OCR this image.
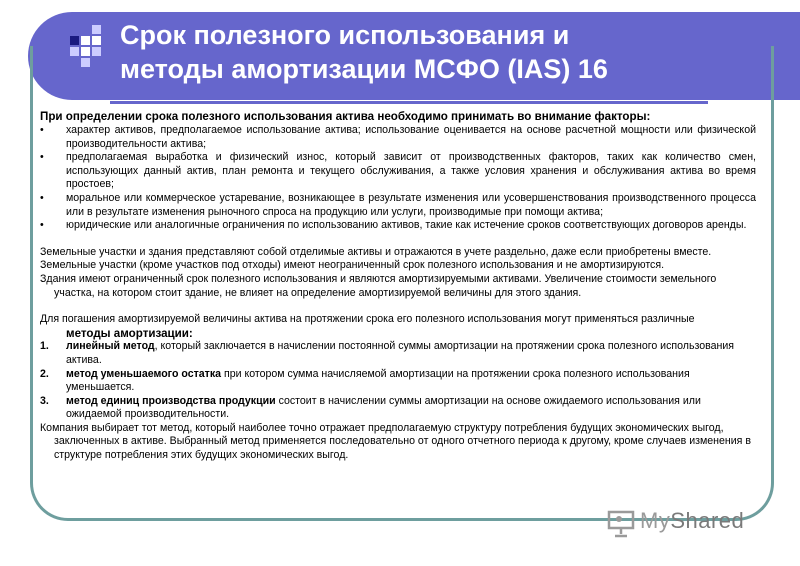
Срок полезного использования и
методы амортизации МСФО (IAS) 16
При определении срока полезного использования актива необходимо принимать во внимание факторы:
• характер активов, предполагаемое использование актива; использование оценивается на основе расчетной мощности или физической производительности актива;
• предполагаемая выработка и физический износ, который зависит от производственных факторов, таких как количество смен, использующих данный актив, план ремонта и текущего обслуживания, а также условия хранения и обслуживания актива во время простоев;
• моральное или коммерческое устаревание, возникающее в результате изменения или усовершенствования производственного процесса или в результате изменения рыночного спроса на продукцию или услуги, производимые при помощи актива;
• юридические или аналогичные ограничения по использованию активов, такие как истечение сроков соответствующих договоров аренды.
Земельные участки и здания представляют собой отделимые активы и отражаются в учете раздельно, даже если приобретены вместе.
Земельные участки (кроме участков под отходы) имеют неограниченный срок полезного использования и не амортизируются.
Здания имеют ограниченный срок полезного использования и являются амортизируемыми активами. Увеличение стоимости земельного участка, на котором стоит здание, не влияет на определение амортизируемой величины для этого здания.
Для погашения амортизируемой величины актива на протяжении срока его полезного использования могут применяться различные
методы амортизации:
1. линейный метод, который заключается в начислении постоянной суммы амортизации на протяжении срока полезного использования актива.
2. метод уменьшаемого остатка при котором сумма начисляемой амортизации на протяжении срока полезного использования уменьшается.
3. метод единиц производства продукции состоит в начислении суммы амортизации на основе ожидаемого использования или ожидаемой производительности.
Компания выбирает тот метод, который наиболее точно отражает предполагаемую структуру потребления будущих экономических выгод, заключенных в активе. Выбранный метод применяется последовательно от одного отчетного периода к другому, кроме случаев изменения в структуре потребления этих будущих экономических выгод.
MyShared
